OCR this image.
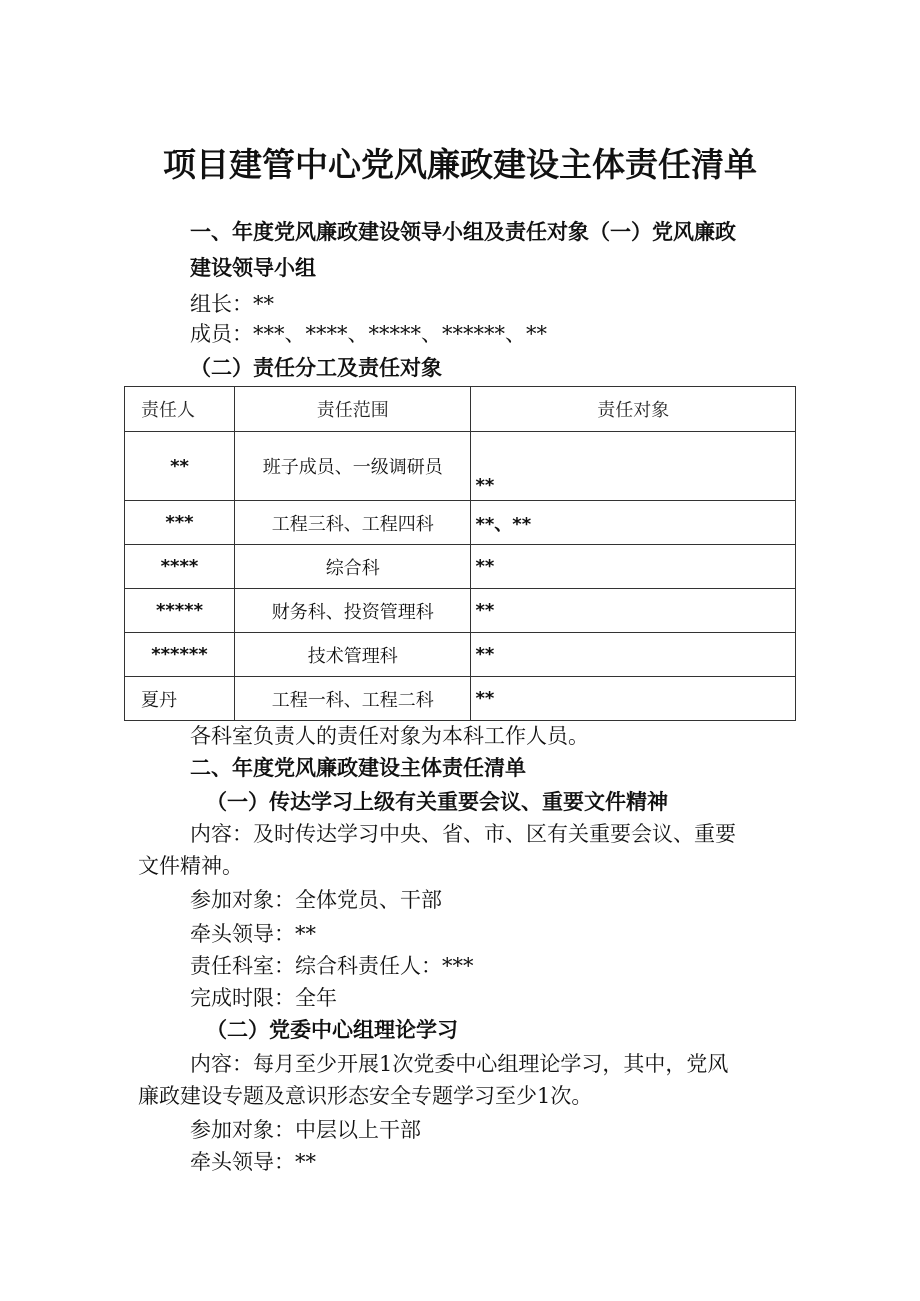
项目建管中心党风廉政建设主体责任清单

一、年度党风廉政建设领导小组及责任对象（一）党风廉政

建设领导小组

组长：**

成员：***、****、*****、******、**

（二）责任分工及责任对象

责任人	责任范围	责任对象
**	班子成员、一级调研员	**
***	工程三科、工程四科	**、**
****	综合科	**
*****	财务科、投资管理科	**
******	技术管理科	**
夏丹	工程一科、工程二科	**

各科室负责人的责任对象为本科工作人员。

二、年度党风廉政建设主体责任清单

（一）传达学习上级有关重要会议、重要文件精神

内容：及时传达学习中央、省、市、区有关重要会议、重要

文件精神。

参加对象：全体党员、干部

牵头领导：**

责任科室：综合科责任人：***

完成时限：全年

（二）党委中心组理论学习

内容：每月至少开展1次党委中心组理论学习，其中，党风

廉政建设专题及意识形态安全专题学习至少1次。

参加对象：中层以上干部

牵头领导：**
